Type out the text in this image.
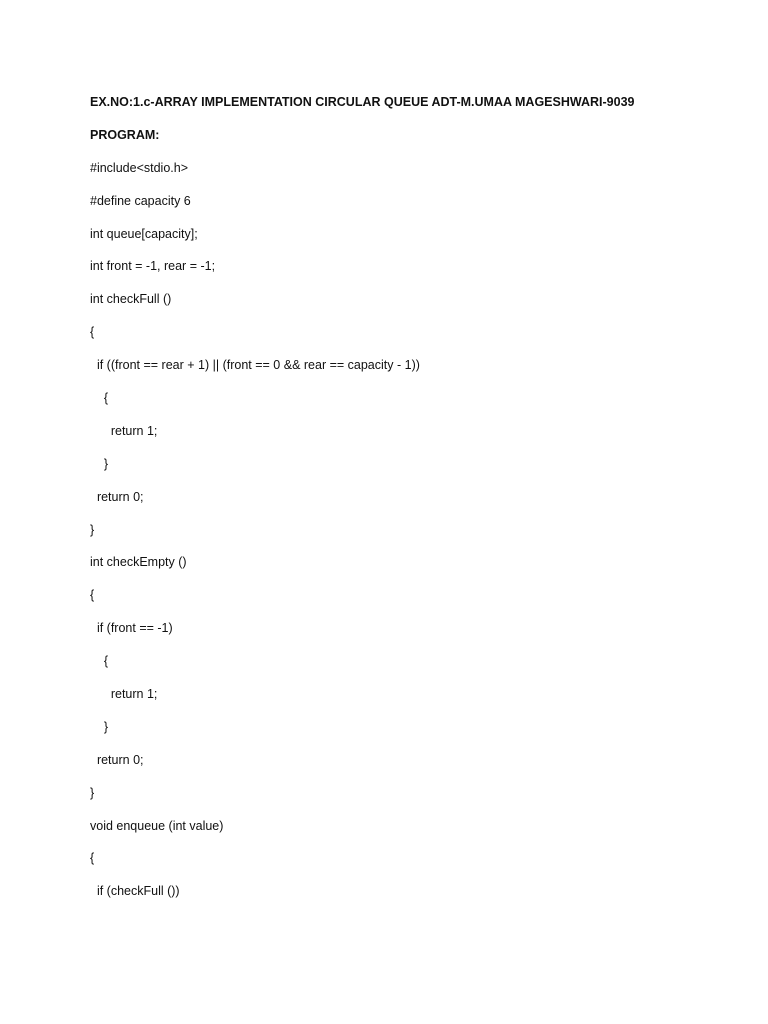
EX.NO:1.c-ARRAY IMPLEMENTATION CIRCULAR QUEUE ADT-M.UMAA MAGESHWARI-9039
PROGRAM:
#include<stdio.h>
#define capacity 6
int queue[capacity];
int front = -1, rear = -1;
int checkFull ()
{
if ((front == rear + 1) || (front == 0 && rear == capacity - 1))
{
return 1;
}
return 0;
}
int checkEmpty ()
{
if (front == -1)
{
return 1;
}
return 0;
}
void enqueue (int value)
{
if (checkFull ())
